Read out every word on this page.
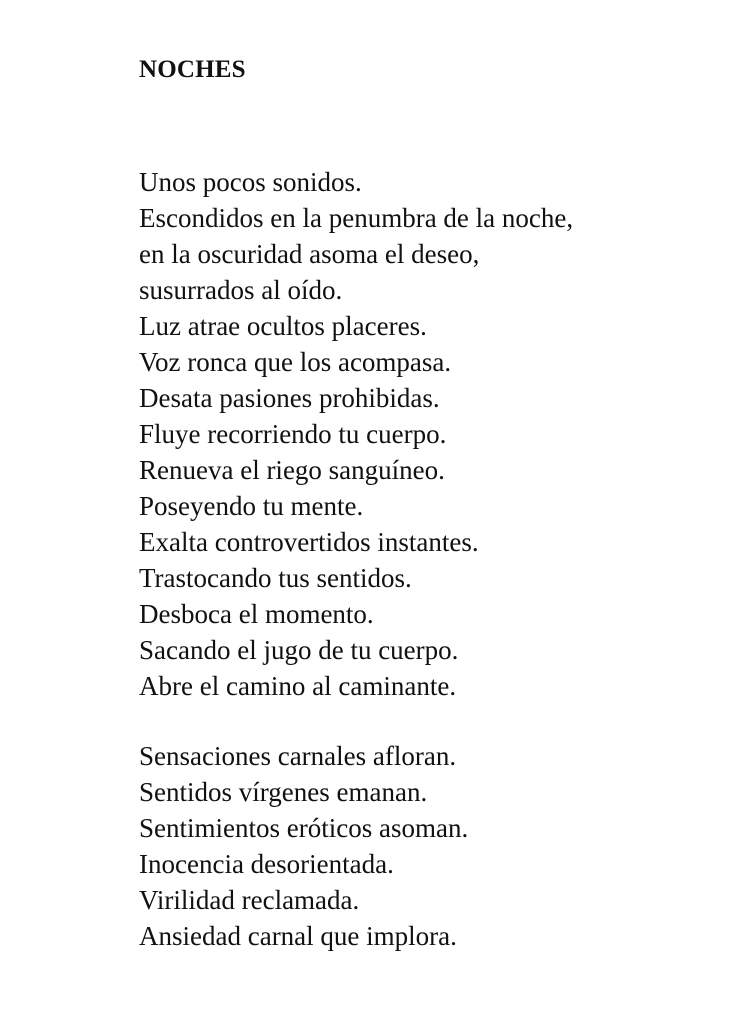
NOCHES
Unos pocos sonidos.
Escondidos en la penumbra de la noche,
en la oscuridad asoma el deseo,
susurrados al oído.
Luz atrae ocultos placeres.
Voz ronca que los acompasa.
Desata pasiones prohibidas.
Fluye recorriendo tu cuerpo.
Renueva el riego sanguíneo.
Poseyendo tu mente.
Exalta controvertidos instantes.
Trastocando tus sentidos.
Desboca el momento.
Sacando el jugo de tu cuerpo.
Abre el camino al caminante.
Sensaciones carnales afloran.
Sentidos vírgenes emanan.
Sentimientos eróticos asoman.
Inocencia desorientada.
Virilidad reclamada.
Ansiedad carnal que implora.
